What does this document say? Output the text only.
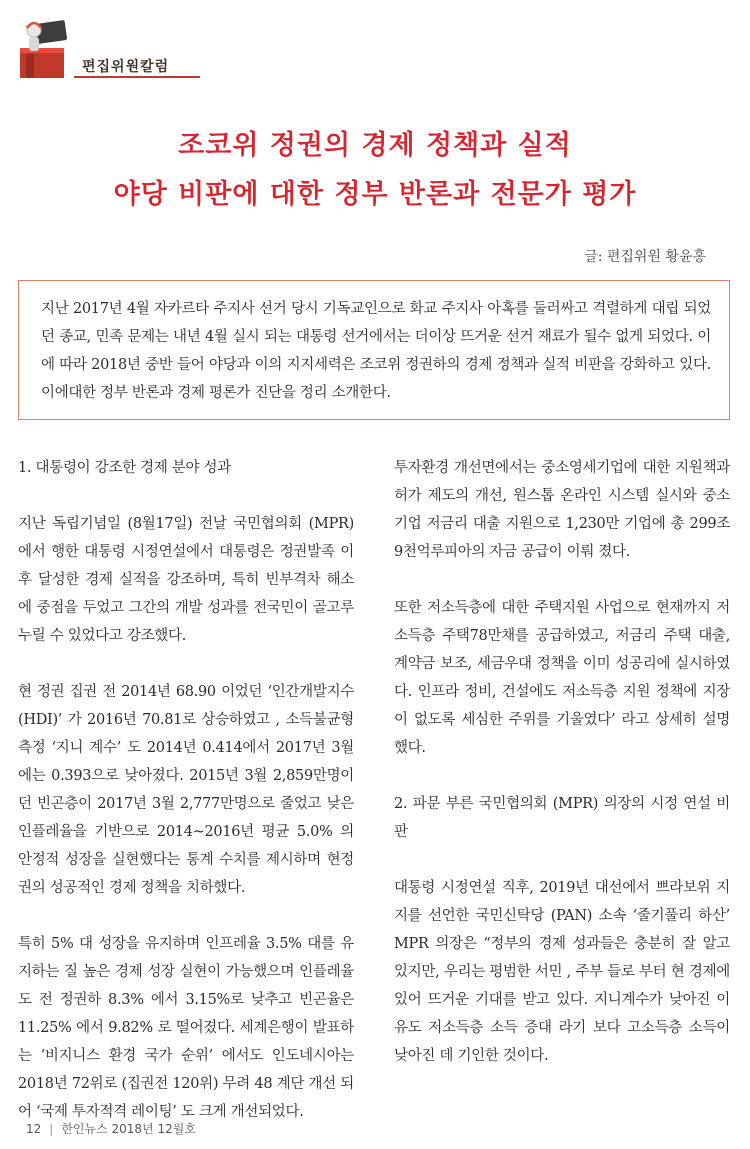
편집위원칼럼
조코위 정권의 경제 정책과 실적
야당 비판에 대한 정부 반론과 전문가 평가
글: 편집위원 황윤홍

지난 2017년 4월 자카르타 주지사 선거 당시 기독교인으로 화교 주지사 아혹를 둘러싸고 격렬하게 대립 되었던 종교, 민족 문제는 내년 4월 실시 되는 대통령 선거에서는 더이상 뜨거운 선거 재료가 될수 없게 되었다. 이에 따라 2018년 중반 들어 야당과 이의 지지세력은 조코위 정권하의 경제 정책과 실적 비판을 강화하고 있다. 이에대한 정부 반론과 경제 평론가 진단을 정리 소개한다.

1. 대통령이 강조한 경제 분야 성과

지난 독립기념일 (8월17일) 전날 국민협의회 (MPR) 에서 행한 대통령 시정연설에서 대통령은 정권발족 이후 달성한 경제 실적을 강조하며, 특히 빈부격차 해소에 중점을 두었고 그간의 개발 성과를 전국민이 골고루 누릴 수 있었다고 강조했다.

현 정권 집권 전 2014년 68.90 이었던 ‘인간개발지수 (HDI)’ 가 2016년 70.81로 상승하였고 , 소득불균형 측정 ‘지니 계수’ 도 2014년 0.414에서 2017년 3월에는 0.393으로 낮아졌다. 2015년 3월 2,859만명이던 빈곤층이 2017년 3월 2,777만명으로 줄었고 낮은 인플레율을 기반으로 2014~2016년 평균 5.0% 의 안정적 성장을 실현했다는 통계 수치를 제시하며 현정권의 성공적인 경제 정책을 치하했다.

특히 5% 대 성장을 유지하며 인프레율 3.5% 대를 유지하는 질 높은 경제 성장 실현이 가능했으며 인플레율도 전 정권하 8.3% 에서 3.15%로 낮추고 빈곤율은 11.25% 에서 9.82% 로 떨어졌다. 세계은행이 발표하는 ‘비지니스 환경 국가 순위’ 에서도 인도네시아는 2018년 72위로 (집권전 120위) 무려 48 계단 개선 되어 ‘국제 투자적격 레이팅’ 도 크게 개선되었다.

투자환경 개선면에서는 중소영세기업에 대한 지원책과 허가 제도의 개선, 원스톱 온라인 시스템 실시와 중소기업 저금리 대출 지원으로 1,230만 기업에 총 299조9천억루피아의 자금 공급이 이뤄 졌다.

또한 저소득층에 대한 주택지원 사업으로 현재까지 저소득층 주택78만채를 공급하였고, 저금리 주택 대출, 계약금 보조, 세금우대 정책을 이미 성공리에 실시하였다. 인프라 정비, 건설에도 저소득층 지원 정책에 지장이 없도록 세심한 주위를 기울였다’ 라고 상세히 설명했다.

2. 파문 부른 국민협의회 (MPR) 의장의 시정 연설 비판

대통령 시정연설 직후, 2019년 대선에서 쁘라보위 지지를 선언한 국민신탁당 (PAN) 소속 ‘줄기풀리 하산’ MPR 의장은 “정부의 경제 성과들은 충분히 잘 알고 있지만, 우리는 평범한 서민 , 주부 들로 부터 현 경제에 있어 뜨거운 기대를 받고 있다. 지니계수가 낮아진 이유도 저소득층 소득 증대 라기 보다 고소득층 소득이 낮아진 데 기인한 것이다.

12 | 한인뉴스 2018년 12월호
